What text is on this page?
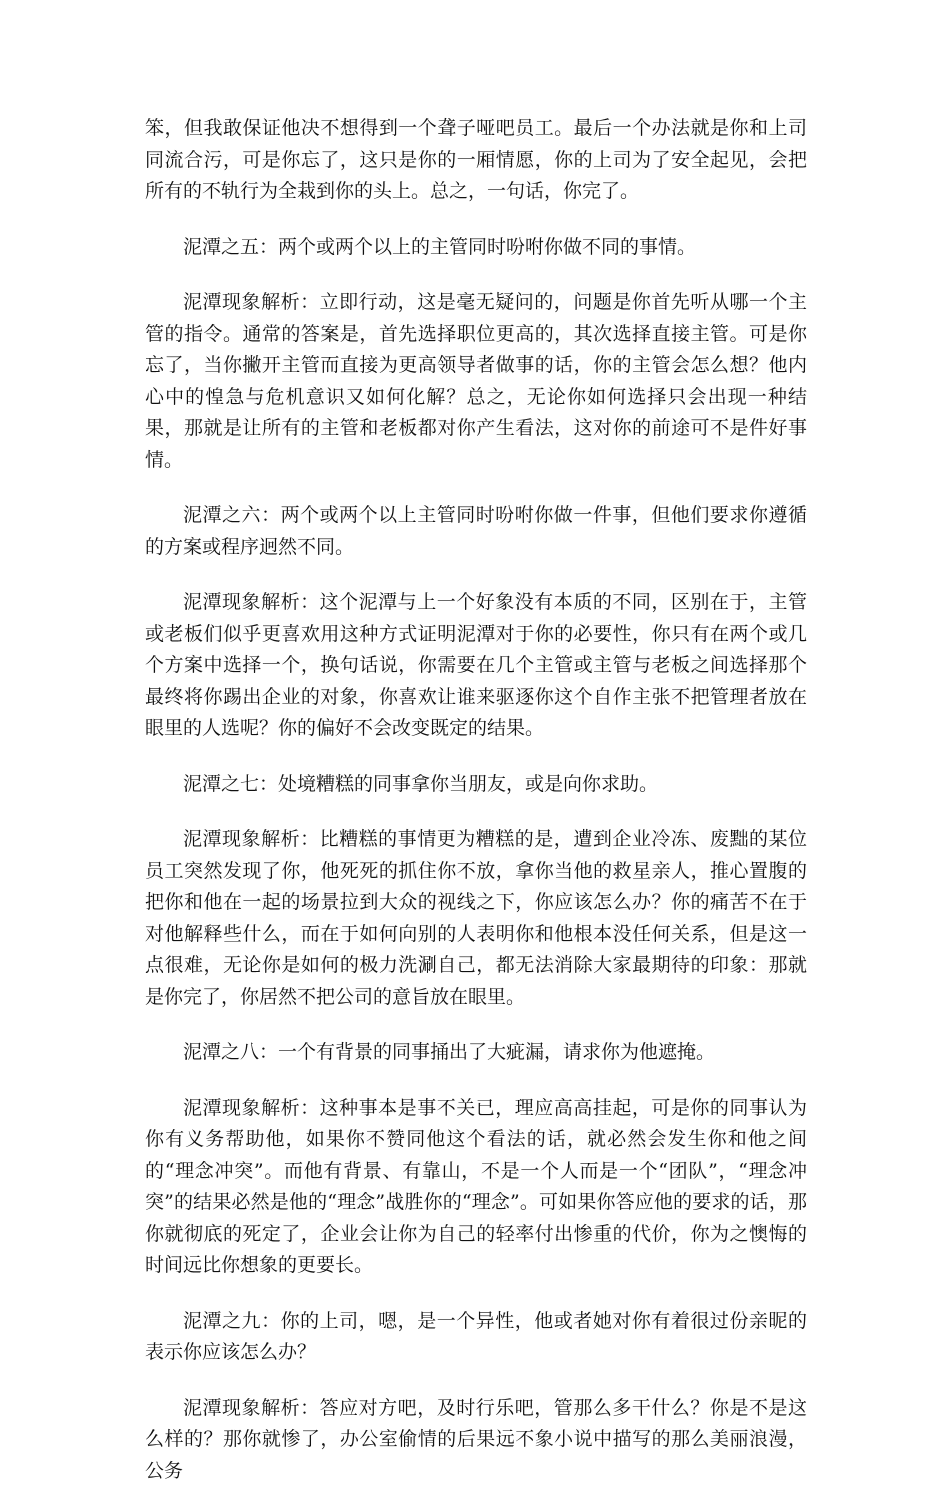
笨，但我敢保证他决不想得到一个聋子哑吧员工。最后一个办法就是你和上司同流合污，可是你忘了，这只是你的一厢情愿，你的上司为了安全起见，会把所有的不轨行为全栽到你的头上。总之，一句话，你完了。

泥潭之五：两个或两个以上的主管同时吩咐你做不同的事情。

泥潭现象解析：立即行动，这是毫无疑问的，问题是你首先听从哪一个主管的指令。通常的答案是，首先选择职位更高的，其次选择直接主管。可是你忘了，当你撇开主管而直接为更高领导者做事的话，你的主管会怎么想？他内心中的惶急与危机意识又如何化解？总之，无论你如何选择只会出现一种结果，那就是让所有的主管和老板都对你产生看法，这对你的前途可不是件好事情。

泥潭之六：两个或两个以上主管同时吩咐你做一件事，但他们要求你遵循的方案或程序迥然不同。

泥潭现象解析：这个泥潭与上一个好象没有本质的不同，区别在于，主管或老板们似乎更喜欢用这种方式证明泥潭对于你的必要性，你只有在两个或几个方案中选择一个，换句话说，你需要在几个主管或主管与老板之间选择那个最终将你踢出企业的对象，你喜欢让谁来驱逐你这个自作主张不把管理者放在眼里的人选呢？你的偏好不会改变既定的结果。

泥潭之七：处境糟糕的同事拿你当朋友，或是向你求助。

泥潭现象解析：比糟糕的事情更为糟糕的是，遭到企业冷冻、废黜的某位员工突然发现了你，他死死的抓住你不放，拿你当他的救星亲人，推心置腹的把你和他在一起的场景拉到大众的视线之下，你应该怎么办？你的痛苦不在于对他解释些什么，而在于如何向别的人表明你和他根本没任何关系，但是这一点很难，无论你是如何的极力洗涮自己，都无法消除大家最期待的印象：那就是你完了，你居然不把公司的意旨放在眼里。

泥潭之八：一个有背景的同事捅出了大疵漏，请求你为他遮掩。

泥潭现象解析：这种事本是事不关已，理应高高挂起，可是你的同事认为你有义务帮助他，如果你不赞同他这个看法的话，就必然会发生你和他之间的“理念冲突”。而他有背景、有靠山，不是一个人而是一个“团队”，“理念冲突”的结果必然是他的“理念”战胜你的“理念”。可如果你答应他的要求的话，那你就彻底的死定了，企业会让你为自己的轻率付出惨重的代价，你为之懊悔的时间远比你想象的更要长。

泥潭之九：你的上司，嗯，是一个异性，他或者她对你有着很过份亲昵的表示你应该怎么办？

泥潭现象解析：答应对方吧，及时行乐吧，管那么多干什么？你是不是这么样的？那你就惨了，办公室偷情的后果远不象小说中描写的那么美丽浪漫，公务
